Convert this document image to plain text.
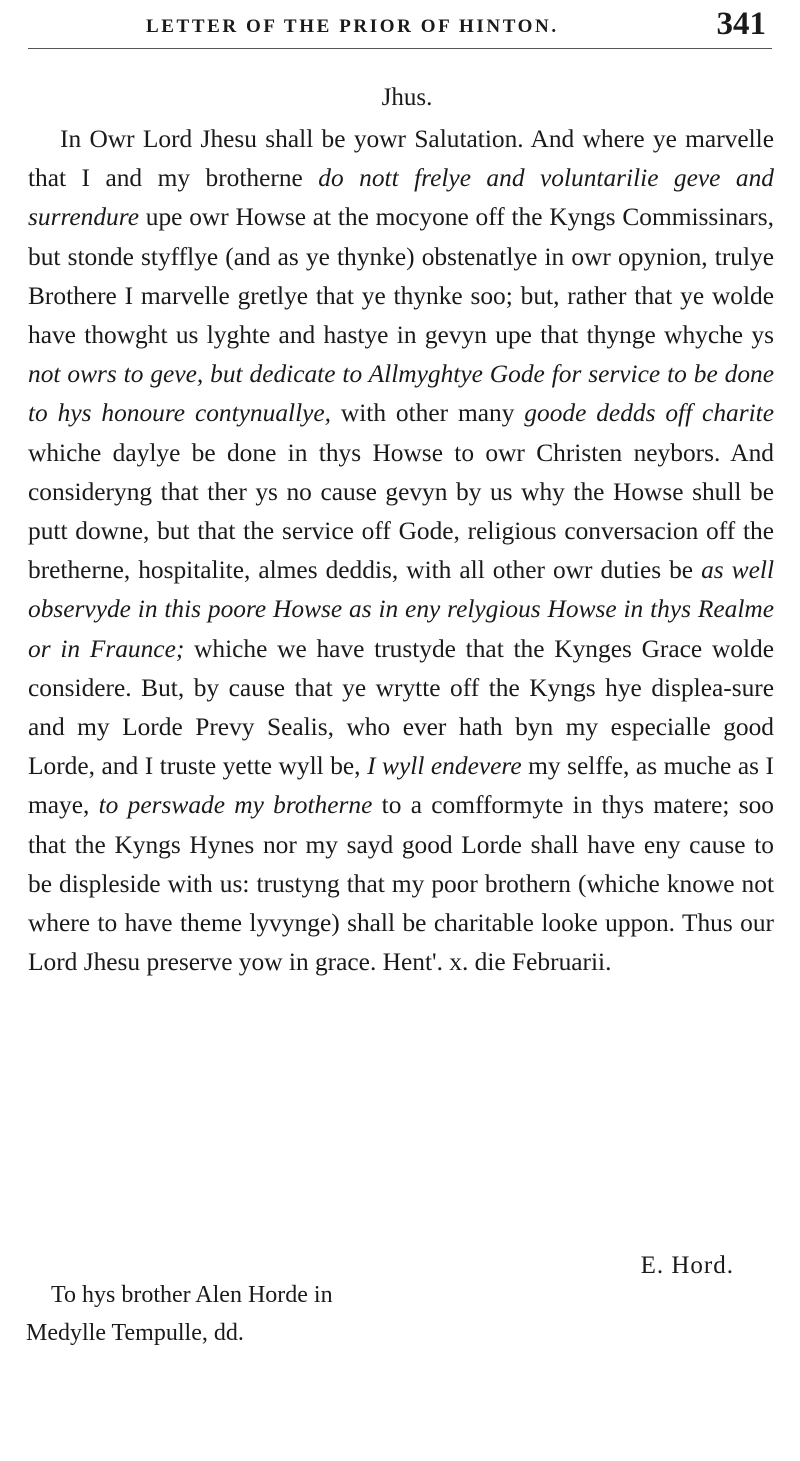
LETTER OF THE PRIOR OF HINTON.	341
Jhus.

In Owr Lord Jhesu shall be yowr Salutation. And where ye marvelle that I and my brotherne do nott frelye and voluntarilie geve and surrendure upe owr Howse at the mocyone off the Kyngs Commissinars, but stonde styfflye (and as ye thynke) obstenatlye in owr opynion, trulye Brothere I marvelle gretlye that ye thynke soo; but, rather that ye wolde have thowght us lyghte and hastye in gevyn upe that thynge whyche ys not owrs to geve, but dedicate to Allmyghtye Gode for service to be done to hys honoure contynuallye, with other many goode dedds off charite whiche daylye be done in thys Howse to owr Christen neybors. And consideryng that ther ys no cause gevyn by us why the Howse shull be putt downe, but that the service off Gode, religious conversacion off the bretherne, hospitalite, almes deddis, with all other owr duties be as well observyde in this poore Howse as in eny relygious Howse in thys Realme or in Fraunce; whiche we have trustyde that the Kynges Grace wolde considere. But, by cause that ye wrytte off the Kyngs hye displea-sure and my Lorde Prevy Sealis, who ever hath byn my especialle good Lorde, and I truste yette wyll be, I wyll endevere my selffe, as muche as I maye, to perswade my brotherne to a comfformyte in thys matere; soo that the Kyngs Hynes nor my sayd good Lorde shall have eny cause to be displeside with us: trustyng that my poor brothern (whiche knowe not where to have theme lyvynge) shall be charitable looke uppon. Thus our Lord Jhesu preserve yow in grace. Hent'. x. die Februarii.

E. Hord.
To hys brother Alen Horde in
Medylle Tempulle, dd.
